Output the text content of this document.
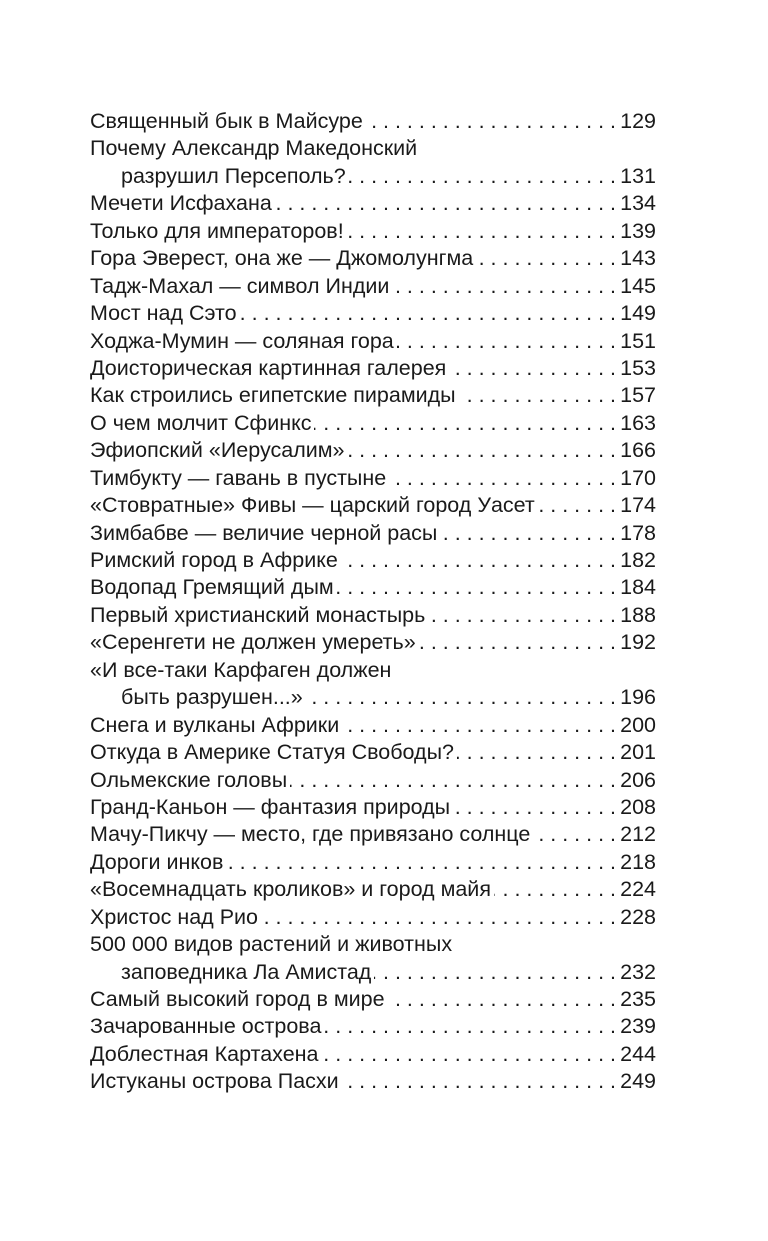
Священный бык в Майсуре . . .	129
Почему Александр Македонский
разрушил Персеполь? . . .	131
Мечети Исфахана . . .	134
Только для императоров! . . .	139
Гора Эверест, она же — Джомолунгма . . .	143
Тадж-Махал — символ Индии . . .	145
Мост над Сэто . . .	149
Ходжа-Мумин — соляная гора . . .	151
Доисторическая картинная галерея . . .	153
Как строились египетские пирамиды . . .	157
О чем молчит Сфинкс . . .	163
Эфиопский «Иерусалим» . . .	166
Тимбукту — гавань в пустыне . . .	170
«Стовратные» Фивы — царский город Уасет . . .	174
Зимбабве — величие черной расы . . .	178
Римский город в Африке . . .	182
Водопад Гремящий дым . . .	184
Первый христианский монастырь . . .	188
«Серенгети не должен умереть» . . .	192
«И все-таки Карфаген должен
быть разрушен...» . . .	196
Снега и вулканы Африки . . .	200
Откуда в Америке Статуя Свободы? . . .	201
Ольмекские головы . . .	206
Гранд-Каньон — фантазия природы . . .	208
Мачу-Пикчу — место, где привязано солнце . . .	212
Дороги инков . . .	218
«Восемнадцать кроликов» и город майя . . .	224
Христос над Рио . . .	228
500 000 видов растений и животных
заповедника Ла Амистад . . .	232
Самый высокий город в мире . . .	235
Зачарованные острова . . .	239
Доблестная Картахена . . .	244
Истуканы острова Пасхи . . .	249
